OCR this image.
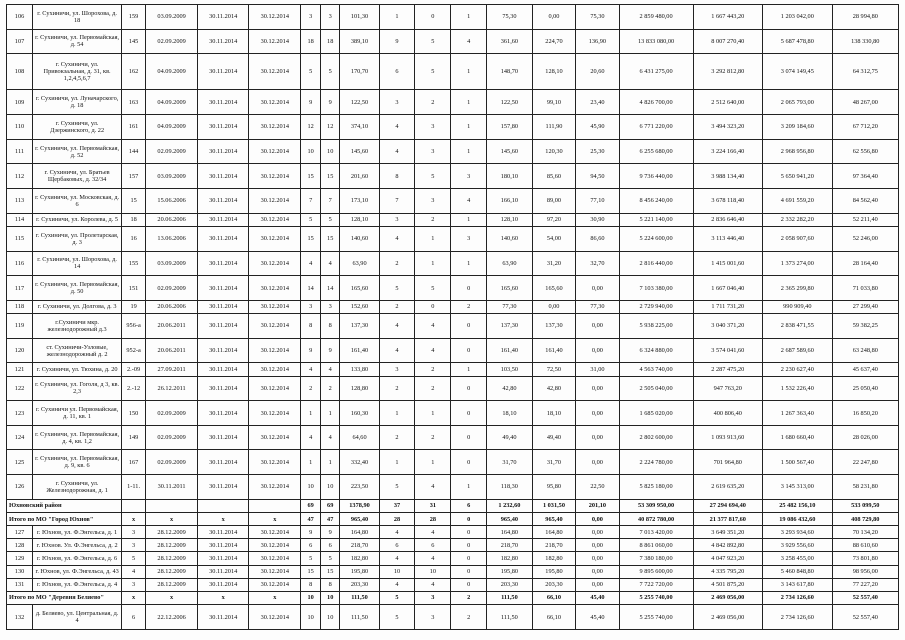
106	г. Сухиничи, ул. Шорохова, д. 18	159	03.09.2009	30.11.2014	30.12.2014	3	3	101,30	1	0	1	75,30	0,00	75,30	2 859 480,00	1 667 443,20	1 203 042,00	28 994,80
107	г. Сухиничи, ул. Первомайская, д. 54	145	02.09.2009	30.11.2014	30.12.2014	18	18	389,10	9	5	4	361,60	224,70	136,90	13 833 080,00	8 007 270,40	5 687 478,80	138 330,80
108	г. Сухиничи, ул. Привокзальная, д. 31, кв. 1,2,4,5,6,7	162	04.09.2009	30.11.2014	30.12.2014	5	5	170,70	6	5	1	148,70	128,10	20,60	6 431 275,00	3 292 812,80	3 074 149,45	64 312,75
109	г. Сухиничи, ул. Луначарского, д. 18	163	04.09.2009	30.11.2014	30.12.2014	9	9	122,50	3	2	1	122,50	99,10	23,40	4 826 700,00	2 512 640,00	2 065 793,00	48 267,00
110	г. Сухиничи, ул. Дзержинского, д. 22	161	04.09.2009	30.11.2014	30.12.2014	12	12	374,10	4	3	1	157,80	111,90	45,90	6 771 220,00	3 494 323,20	3 209 184,60	67 712,20
111	г. Сухиничи, ул. Первомайская, д. 52	144	02.09.2009	30.11.2014	30.12.2014	10	10	145,60	4	3	1	145,60	120,30	25,30	6 255 680,00	3 224 166,40	2 968 956,80	62 556,80
112	г. Сухиничи, ул. Братьев Щербаковых, д. 32/34	157	03.09.2009	30.11.2014	30.12.2014	15	15	201,60	8	5	3	180,10	85,60	94,50	9 736 440,00	3 988 134,40	5 650 941,20	97 364,40
113	г. Сухиничи, ул. Московская, д. 6	15	15.06.2006	30.11.2014	30.12.2014	7	7	173,10	7	3	4	166,10	89,00	77,10	8 456 240,00	3 678 118,40	4 691 559,20	84 562,40
114	г. Сухиничи, ул. Королева, д. 5	18	20.06.2006	30.11.2014	30.12.2014	5	5	128,10	3	2	1	128,10	97,20	30,90	5 221 140,00	2 836 646,40	2 332 282,20	52 211,40
115	г. Сухиничи, ул. Пролетарская, д. 3	16	13.06.2006	30.11.2014	30.12.2014	15	15	140,60	4	1	3	140,60	54,00	86,60	5 224 600,00	3 113 446,40	2 058 907,60	52 246,00
116	г. Сухиничи, ул. Шорохова, д. 14	155	03.09.2009	30.11.2014	30.12.2014	4	4	63,90	2	1	1	63,90	31,20	32,70	2 816 440,00	1 415 001,60	1 373 274,00	28 164,40
117	г. Сухиничи, ул. Первомайская, д. 50	151	02.09.2009	30.11.2014	30.12.2014	14	14	165,60	5	5	0	165,60	165,60	0,00	7 103 380,00	1 667 046,40	2 365 299,80	71 033,80
118	г. Сухиничи, ул. Долгова, д. 3	19	20.06.2006	30.11.2014	30.12.2014	3	3	152,60	2	0	2	77,30	0,00	77,30	2 729 940,00	1 711 731,20	990 909,40	27 299,40
119	г.Сухиничи мкр. железнодорожный д.3	956-а	20.06.2011	30.11.2014	30.12.2014	8	8	137,30	4	4	0	137,30	137,30	0,00	5 938 225,00	3 040 371,20	2 838 471,55	59 382,25
120	ст. Сухиничи-Узловые, железнодорожный д. 2	952-а	20.06.2011	30.11.2014	30.12.2014	9	9	161,40	4	4	0	161,40	161,40	0,00	6 324 880,00	3 574 041,60	2 687 589,60	63 248,80
121	г. Сухиничи, ул. Тюхина, д. 20	2.-09	27.09.2011	30.11.2014	30.12.2014	4	4	133,80	3	2	1	103,50	72,50	31,00	4 563 740,00	2 287 475,20	2 230 627,40	45 637,40
122	г. Сухиничи, ул. Гоголя, д 3, кв. 2,3	2.-12	26.12.2011	30.11.2014	30.12.2014	2	2	128,80	2	2	0	42,80	42,80	0,00	2 505 040,00	947 763,20	1 532 226,40	25 050,40
123	г. Сухиничи ул. Первомайская, д. 11, кв. 1	150	02.09.2009	30.11.2014	30.12.2014	1	1	160,30	1	1	0	18,10	18,10	0,00	1 685 020,00	400 806,40	1 267 363,40	16 850,20
124	г. Сухиничи, ул. Первомайская, д. 4, кв. 1,2	149	02.09.2009	30.11.2014	30.12.2014	4	4	64,60	2	2	0	49,40	49,40	0,00	2 802 600,00	1 093 913,60	1 680 660,40	28 026,00
125	г. Сухиничи, ул. Первомайская, д. 9, кв. 6	167	02.09.2009	30.11.2014	30.12.2014	1	1	332,40	1	1	0	31,70	31,70	0,00	2 224 780,00	701 964,80	1 500 567,40	22 247,80
126	г. Сухиничи, ул. Железнодорожная, д. 1	1-11.	30.11.2011	30.11.2014	30.12.2014	10	10	223,50	5	4	1	118,30	95,80	22,50	5 825 180,00	2 619 635,20	3 145 313,00	58 231,80
Юхновский район						69	69	1378,90	37	31	6	1 232,60	1 031,50	201,10	53 309 950,00	27 294 694,40	25 482 156,10	533 099,50
Итого по МО "Город Юхнов"		x	x	x	x	47	47	965,40	28	28	0	965,40	965,40	0,00	40 872 780,00	21 377 817,60	19 086 432,60	408 729,80
127	г. Юхнов, ул. Ф.Энгельса, д. 1	3	28.12.2009	30.11.2014	30.12.2014	9	9	164,80	4	4	0	164,80	164,80	0,00	7 013 420,00	3 649 351,20	3 293 934,60	70 134,20
128	г. Юхнов. Ул. Ф.Энгельса, д. 2	3	28.12.2009	30.11.2014	30.12.2014	6	6	218,70	6	6	0	218,70	218,70	0,00	8 861 060,00	4 842 892,80	3 929 556,60	88 610,60
129	г. Юхнов, ул. Ф.Энгельса, д. 6	5	28.12.2009	30.11.2014	30.12.2014	5	5	182,80	4	4	0	182,80	182,80	0,00	7 380 180,00	4 047 923,20	3 258 455,00	73 801,80
130	г. Юхнов, ул. Ф.Энгельса, д. 43	4	28.12.2009	30.11.2014	30.12.2014	15	15	195,80	10	10	0	195,80	195,80	0,00	9 895 600,00	4 335 795,20	5 460 848,80	98 956,00
131	г. Юхнов, ул. Ф.Энгельса, д. 4	3	28.12.2009	30.11.2014	30.12.2014	8	8	203,30	4	4	0	203,30	203,30	0,00	7 722 720,00	4 501 875,20	3 143 617,80	77 227,20
Итого по МО "Деревня Беляево"		x	x	x	x	10	10	111,50	5	3	2	111,50	66,10	45,40	5 255 740,00	2 469 056,00	2 734 126,60	52 557,40
132	д. Беляево, ул. Центральная, д. 4	6	22.12.2006	30.11.2014	30.12.2014	10	10	111,50	5	3	2	111,50	66,10	45,40	5 255 740,00	2 469 056,00	2 734 126,60	52 557,40
